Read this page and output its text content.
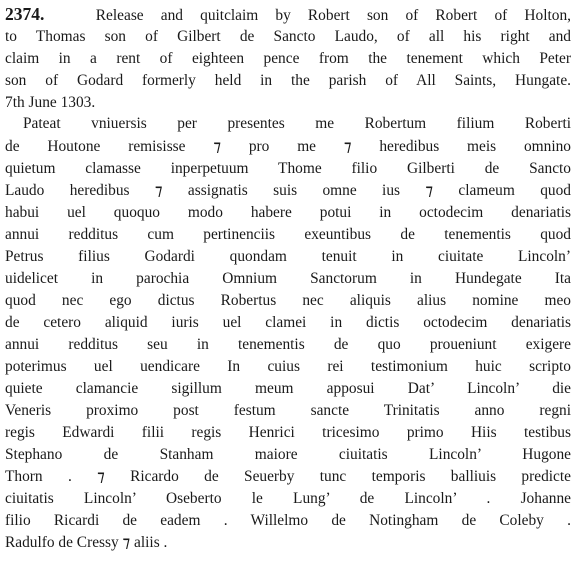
2374.	Release and quitclaim by Robert son of Robert of Holton,
to Thomas son of Gilbert de Sancto Laudo, of all his right and
claim in a rent of eighteen pence from the tenement which Peter
son of Godard formerly held in the parish of All Saints, Hungate.
7th June 1303.
Pateat vniuersis per presentes me Robertum filium Roberti
de Houtone remisisse ⁊ pro me ⁊ heredibus meis omnino
quietum clamasse inperpetuum Thome filio Gilberti de Sancto
Laudo heredibus ⁊ assignatis suis omne ius ⁊ clameum quod
habui uel quoquo modo habere potui in octodecim denariatis
annui redditus cum pertinenciis exeuntibus de tenementis quod
Petrus filius Godardi quondam tenuit in ciuitate Lincoln’
uidelicet in parochia Omnium Sanctorum in Hundegate Ita
quod nec ego dictus Robertus nec aliquis alius nomine meo
de cetero aliquid iuris uel clamei in dictis octodecim denariatis
annui redditus seu in tenementis de quo proueniunt exigere
poterimus uel uendicare In cuius rei testimonium huic scripto
quiete clamancie sigillum meum apposui Dat’ Lincoln’ die
Veneris proximo post festum sancte Trinitatis anno regni
regis Edwardi filii regis Henrici tricesimo primo Hiis testibus
Stephano de Stanham maiore ciuitatis Lincoln’ Hugone
Thorn . ⁊ Ricardo de Seuerby tunc temporis balliuis predicte
ciuitatis Lincoln’ Oseberto le Lung’ de Lincoln’ . Johanne
filio Ricardi de eadem . Willelmo de Notingham de Coleby .
Radulfo de Cressy ⁊ aliis .
